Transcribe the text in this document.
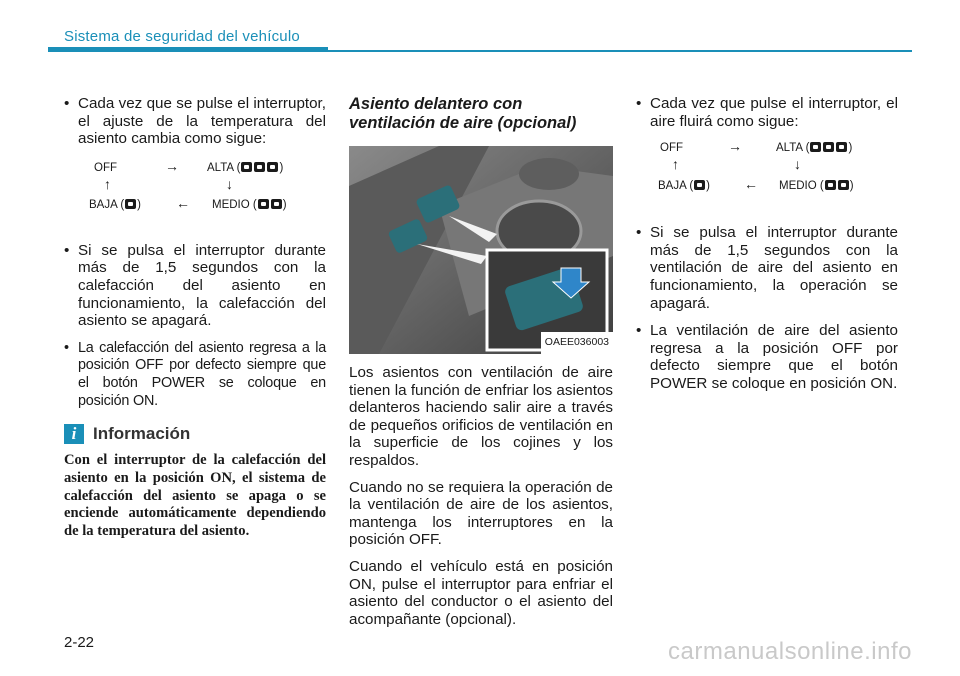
Sistema de seguridad del vehículo
• Cada vez que se pulse el interruptor, el ajuste de la temperatura del asiento cambia como sigue:
OFF	→ ALTA (	)
↑	↓
BAJA ( )	← MEDIO ( )
• Si se pulsa el interruptor durante más de 1,5 segundos con la calefacción del asiento en funcionamiento, la calefacción del asiento se apagará.
• La calefacción del asiento regresa a la posición OFF por defecto siempre que el botón POWER se coloque en posición ON.
i Información
Con el interruptor de la calefacción del asiento en la posición ON, el sistema de calefacción del asiento se apaga o se enciende automáticamente dependiendo de la temperatura del asiento.
Asiento delantero con ventilación de aire (opcional)
OAEE036003
Los asientos con ventilación de aire tienen la función de enfriar los asientos delanteros haciendo salir aire a través de pequeños orificios de ventilación en la superficie de los cojines y los respaldos.
Cuando no se requiera la operación de la ventilación de aire de los asientos, mantenga los interruptores en la posición OFF.
Cuando el vehículo está en posición ON, pulse el interruptor para enfriar el asiento del conductor o el asiento del acompañante (opcional).
• Cada vez que pulse el interruptor, el aire fluirá como sigue:
OFF	→	ALTA (	)
↑	↓
BAJA ( ) ← MEDIO ( )
• Si se pulsa el interruptor durante más de 1,5 segundos con la ventilación de aire del asiento en funcionamiento, la operación se apagará.
• La ventilación de aire del asiento regresa a la posición OFF por defecto siempre que el botón POWER se coloque en posición ON.
2-22	carmanualsonline.info
